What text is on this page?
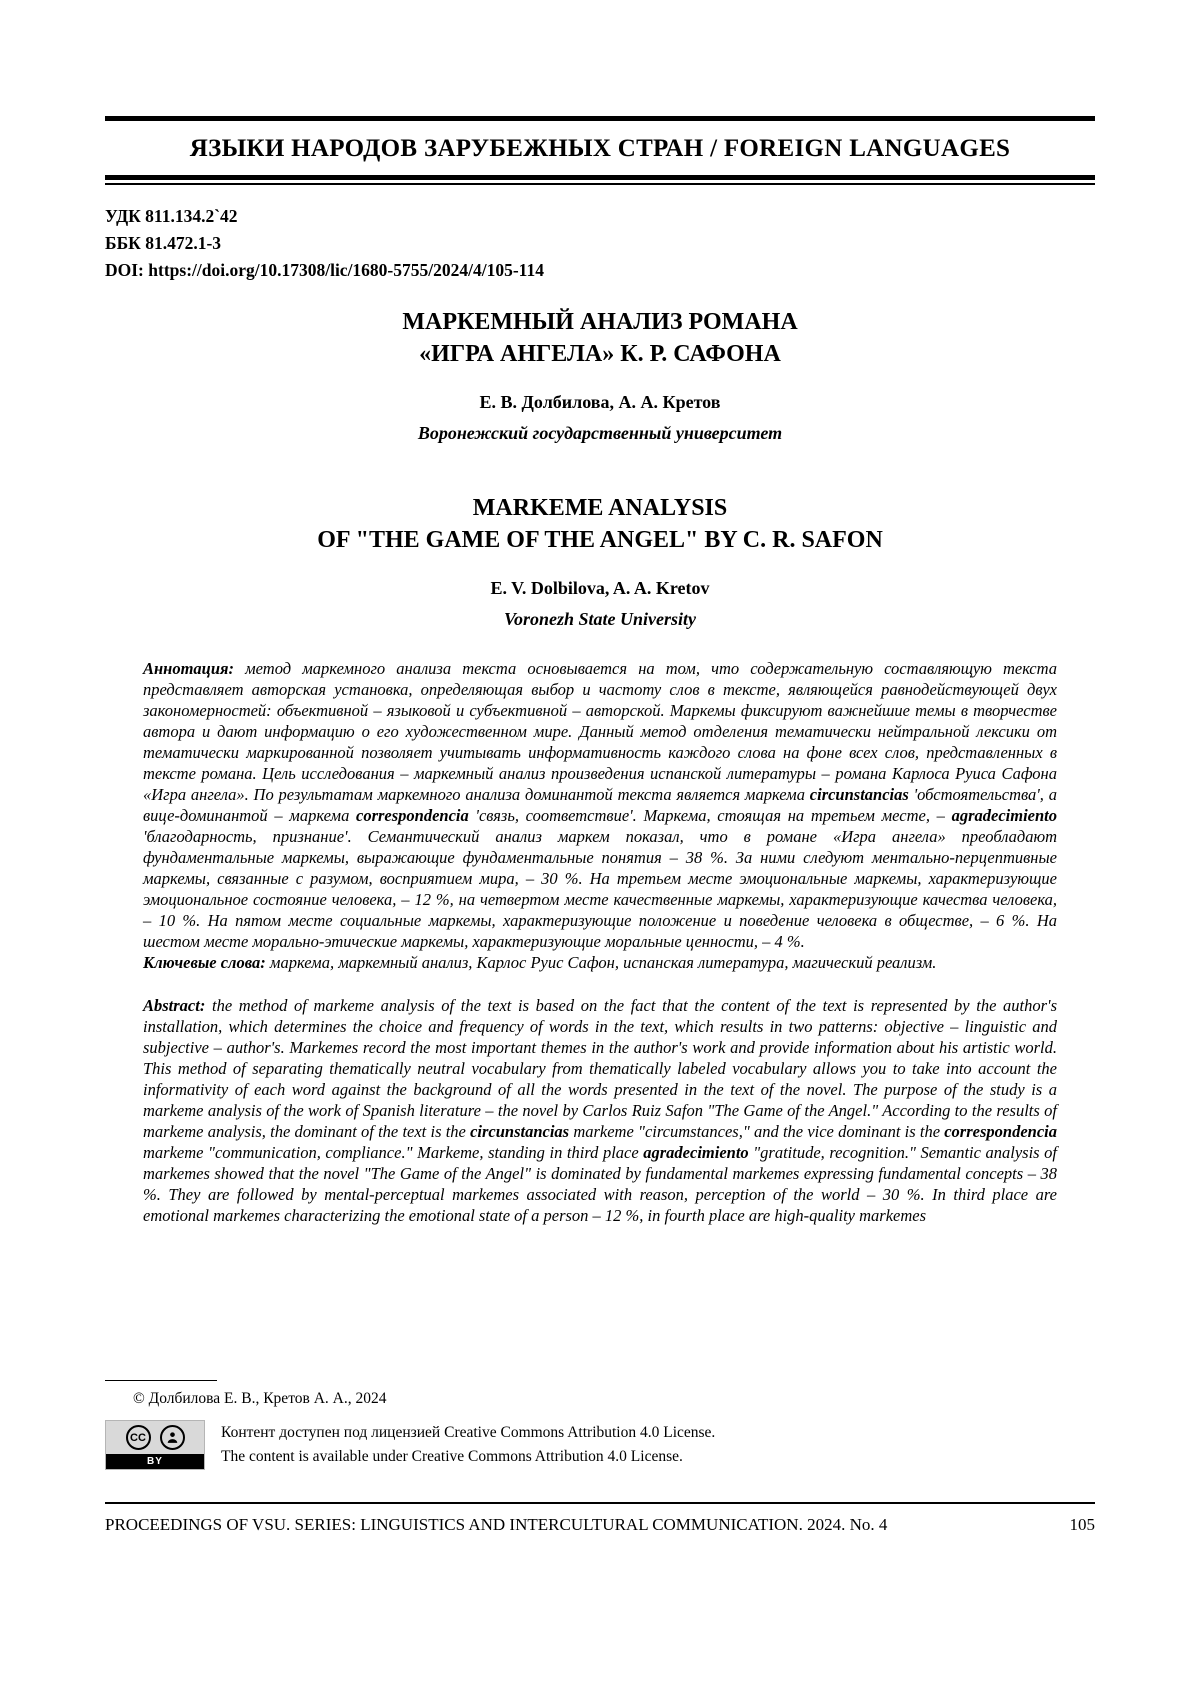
ЯЗЫКИ НАРОДОВ ЗАРУБЕЖНЫХ СТРАН / FOREIGN LANGUAGES
УДК 811.134.2`42
ББК 81.472.1-3
DOI: https://doi.org/10.17308/lic/1680-5755/2024/4/105-114
МАРКЕМНЫЙ АНАЛИЗ РОМАНА
«ИГРА АНГЕЛА» К. Р. САФОНА
Е. В. Долбилова, А. А. Кретов
Воронежский государственный университет
MARKEME ANALYSIS
OF "THE GAME OF THE ANGEL" BY C. R. SAFON
E. V. Dolbilova, A. A. Kretov
Voronezh State University

Аннотация: метод маркемного анализа текста основывается на том, что содержательную составляющую текста представляет авторская установка, определяющая выбор и частоту слов в тексте, являющейся равнодействующей двух закономерностей: объективной – языковой и субъективной – авторской. Маркемы фиксируют важнейшие темы в творчестве автора и дают информацию о его художественном мире. Данный метод отделения тематически нейтральной лексики от тематически маркированной позволяет учитывать информативность каждого слова на фоне всех слов, представленных в тексте романа. Цель исследования – маркемный анализ произведения испанской литературы – романа Карлоса Руиса Сафона «Игра ангела». По результатам маркемного анализа доминантой текста является маркема circunstancias 'обстоятельства', а вице-доминантой – маркема correspondencia 'связь, соответствие'. Маркема, стоящая на третьем месте, – agradecimiento 'благодарность, признание'. Семантический анализ маркем показал, что в романе «Игра ангела» преобладают фундаментальные маркемы, выражающие фундаментальные понятия – 38 %. За ними следуют ментально-перцептивные маркемы, связанные с разумом, восприятием мира, – 30 %. На третьем месте эмоциональные маркемы, характеризующие эмоциональное состояние человека, – 12 %, на четвертом месте качественные маркемы, характеризующие качества человека, – 10 %. На пятом месте социальные маркемы, характеризующие положение и поведение человека в обществе, – 6 %. На шестом месте морально-этические маркемы, характеризующие моральные ценности, – 4 %.

Ключевые слова: маркема, маркемный анализ, Карлос Руис Сафон, испанская литература, магический реализм.

Abstract: the method of markeme analysis of the text is based on the fact that the content of the text is represented by the author's installation, which determines the choice and frequency of words in the text, which results in two patterns: objective – linguistic and subjective – author's. Markemes record the most important themes in the author's work and provide information about his artistic world. This method of separating thematically neutral vocabulary from thematically labeled vocabulary allows you to take into account the informativity of each word against the background of all the words presented in the text of the novel. The purpose of the study is a markeme analysis of the work of Spanish literature – the novel by Carlos Ruiz Safon "The Game of the Angel." According to the results of markeme analysis, the dominant of the text is the circunstancias markeme "circumstances," and the vice dominant is the correspondencia markeme "communication, compliance." Markeme, standing in third place agradecimiento "gratitude, recognition." Semantic analysis of markemes showed that the novel "The Game of the Angel" is dominated by fundamental markemes expressing fundamental concepts – 38 %. They are followed by mental-perceptual markemes associated with reason, perception of the world – 30 %. In third place are emotional markemes characterizing the emotional state of a person – 12 %, in fourth place are high-quality markemes

© Долбилова Е. В., Кретов А. А., 2024
CC
BY
Контент доступен под лицензией Creative Commons Attribution 4.0 License.
The content is available under Creative Commons Attribution 4.0 License.
PROCEEDINGS OF VSU. SERIES: LINGUISTICS AND INTERCULTURAL COMMUNICATION. 2024. No. 4	105
